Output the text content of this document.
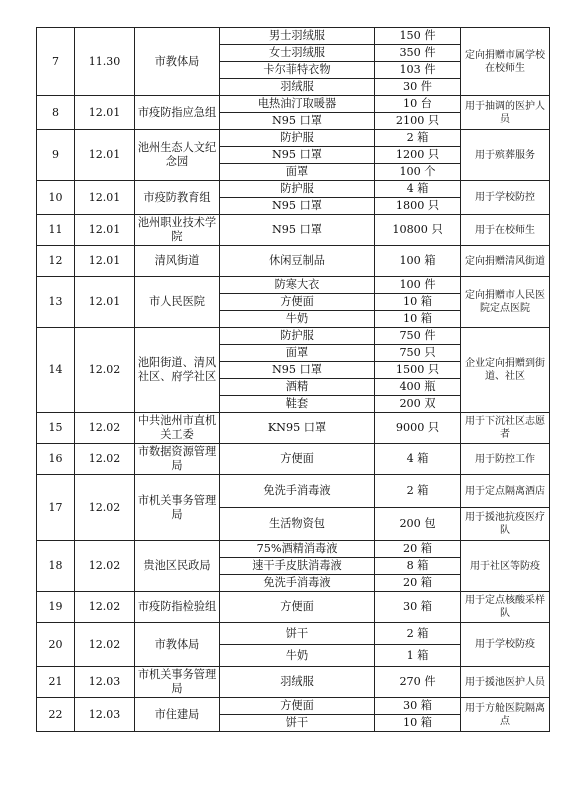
7	11.30	市教体局	男士羽绒服	150 件	定向捐赠市属学校在校师生
			女士羽绒服	350 件	
			卡尔菲特衣物	103 件	
			羽绒服	30 件	
8	12.01	市疫防指应急组	电热油汀取暖器	10 台	用于抽调的医护人员
			N95 口罩	2100 只	
9	12.01	池州生态人文纪念园	防护服	2 箱	用于殡葬服务
			N95 口罩	1200 只	
			面罩	100 个	
10	12.01	市疫防教育组	防护服	4 箱	用于学校防控
			N95 口罩	1800 只	
11	12.01	池州职业技术学院	N95 口罩	10800 只	用于在校师生
12	12.01	清风街道	休闲豆制品	100 箱	定向捐赠清风街道
13	12.01	市人民医院	防寒大衣	100 件	定向捐赠市人民医院定点医院
			方便面	10 箱	
			牛奶	10 箱	
14	12.02	池阳街道、清风社区、府学社区	防护服	750 件	企业定向捐赠到街道、社区
			面罩	750 只	
			N95 口罩	1500 只	
			酒精	400 瓶	
			鞋套	200 双	
15	12.02	中共池州市直机关工委	KN95 口罩	9000 只	用于下沉社区志愿者
16	12.02	市数据资源管理局	方便面	4 箱	用于防控工作
17	12.02	市机关事务管理局	免洗手消毒液	2 箱	用于定点隔离酒店
			生活物资包	200 包	用于援池抗疫医疗队
18	12.02	贵池区民政局	75%酒精消毒液	20 箱	用于社区等防疫
			速干手皮肤消毒液	8 箱	
			免洗手消毒液	20 箱	
19	12.02	市疫防指检验组	方便面	30 箱	用于定点核酸采样队
20	12.02	市教体局	饼干	2 箱	用于学校防疫
			牛奶	1 箱	
21	12.03	市机关事务管理局	羽绒服	270 件	用于援池医护人员
22	12.03	市住建局	方便面	30 箱	用于方舱医院隔离点
			饼干	10 箱	
